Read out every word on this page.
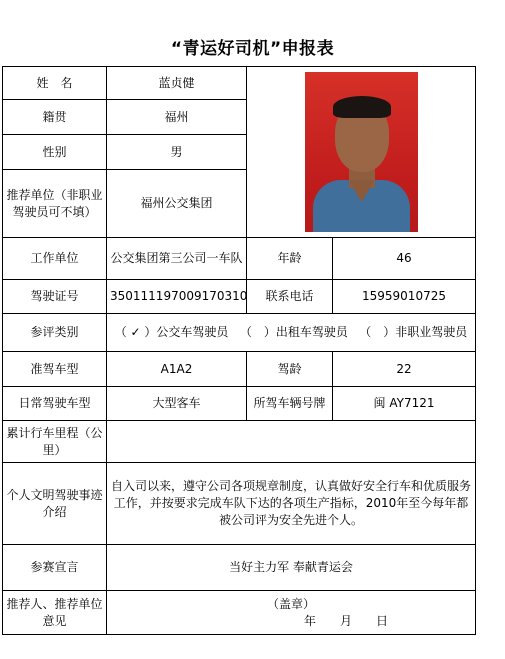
“青运好司机”申报表
姓　名	蓝贞健		

籍贯	福州		
性别	男		
推荐单位（非职业驾驶员可不填）	福州公交集团		
工作单位	公交集团第三公司一车队	年龄	46
驾驶证号	350111197009170310	联系电话	15959010725
参评类别	（ ✓ ）公交车驾驶员 （　）出租车驾驶员 （　）非职业驾驶员		
准驾车型	A1A2	驾龄	22
日常驾驶车型	大型客车	所驾车辆号牌	闽 AY7121
累计行车里程（公里）			
个人文明驾驶事迹介绍	自入司以来，遵守公司各项规章制度，认真做好安全行车和优质服务工作，并按要求完成车队下达的各项生产指标，2010年至今每年都被公司评为安全先进个人。		
参赛宣言	当好主力军 奉献青运会		
推荐人、推荐单位意见	（盖章）
年　　月　　日		
